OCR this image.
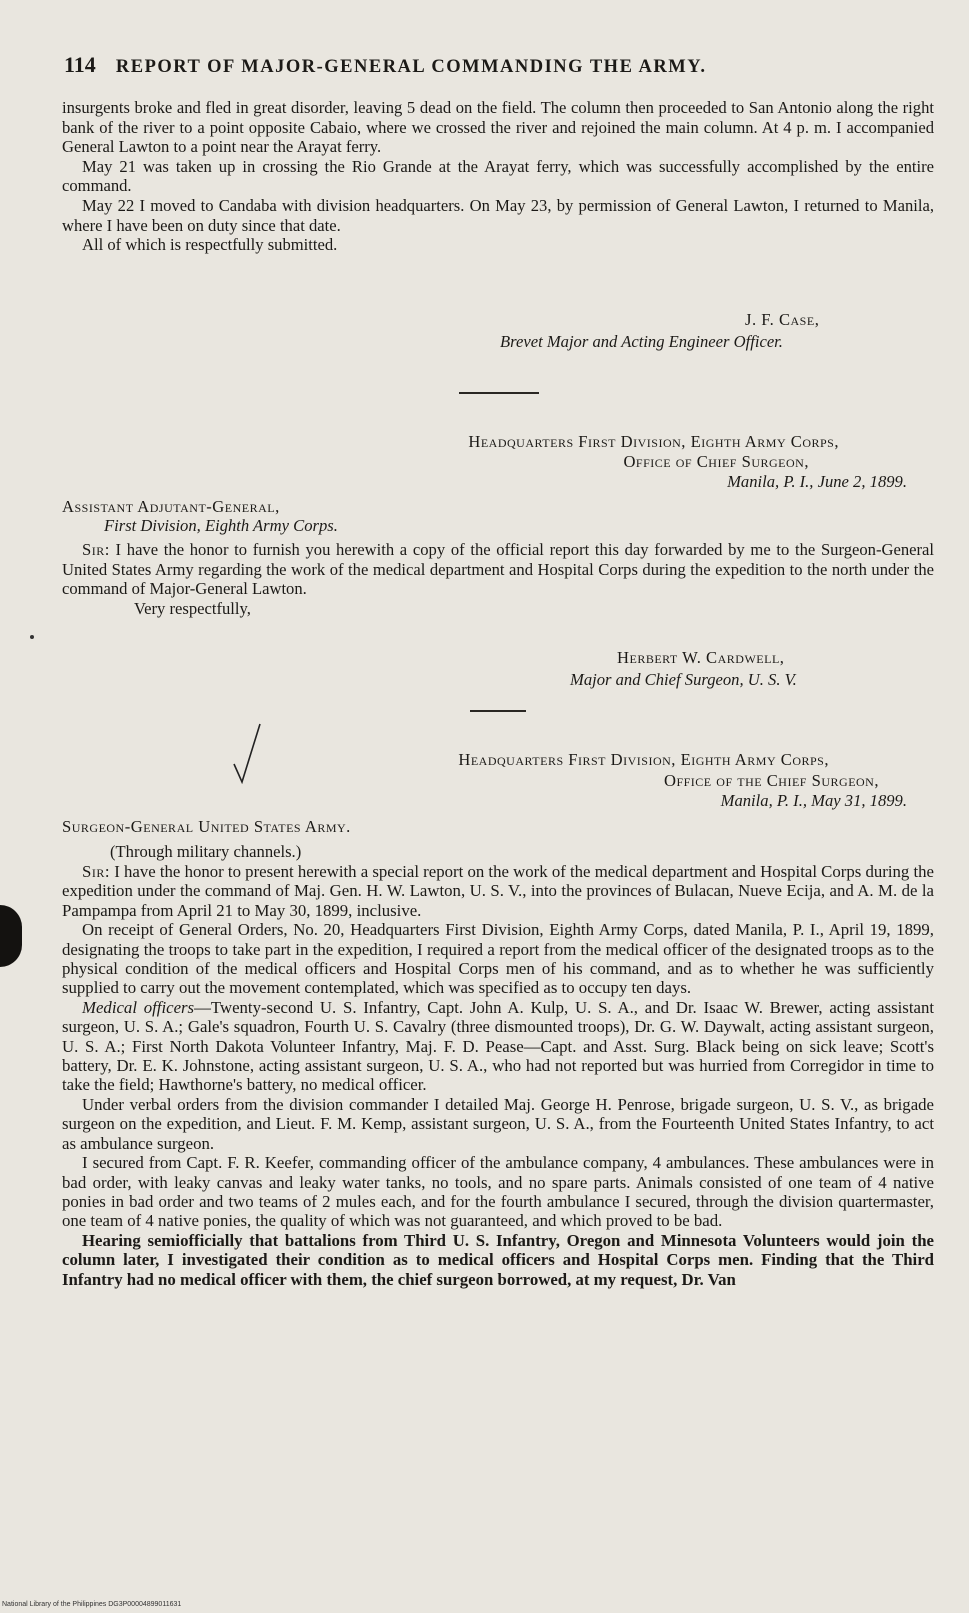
114 REPORT OF MAJOR-GENERAL COMMANDING THE ARMY.

insurgents broke and fled in great disorder, leaving 5 dead on the field. The column then proceeded to San Antonio along the right bank of the river to a point opposite Cabaio, where we crossed the river and rejoined the main column. At 4 p. m. I accompanied General Lawton to a point near the Arayat ferry.

May 21 was taken up in crossing the Rio Grande at the Arayat ferry, which was successfully accomplished by the entire command.

May 22 I moved to Candaba with division headquarters. On May 23, by permission of General Lawton, I returned to Manila, where I have been on duty since that date.

All of which is respectfully submitted.

J. F. Case,
Brevet Major and Acting Engineer Officer.
Headquarters First Division, Eighth Army Corps,
Office of Chief Surgeon,
Manila, P. I., June 2, 1899.
Assistant Adjutant-General,
First Division, Eighth Army Corps.

Sir: I have the honor to furnish you herewith a copy of the official report this day forwarded by me to the Surgeon-General United States Army regarding the work of the medical department and Hospital Corps during the expedition to the north under the command of Major-General Lawton.

Very respectfully,

Herbert W. Cardwell,
Major and Chief Surgeon, U. S. V.
Headquarters First Division, Eighth Army Corps,
Office of the Chief Surgeon,
Manila, P. I., May 31, 1899.
Surgeon-General United States Army.
(Through military channels.)

Sir: I have the honor to present herewith a special report on the work of the medical department and Hospital Corps during the expedition under the command of Maj. Gen. H. W. Lawton, U. S. V., into the provinces of Bulacan, Nueve Ecija, and A. M. de la Pampampa from April 21 to May 30, 1899, inclusive.

On receipt of General Orders, No. 20, Headquarters First Division, Eighth Army Corps, dated Manila, P. I., April 19, 1899, designating the troops to take part in the expedition, I required a report from the medical officer of the designated troops as to the physical condition of the medical officers and Hospital Corps men of his command, and as to whether he was sufficiently supplied to carry out the movement contemplated, which was specified as to occupy ten days.

Medical officers—Twenty-second U. S. Infantry, Capt. John A. Kulp, U. S. A., and Dr. Isaac W. Brewer, acting assistant surgeon, U. S. A.; Gale's squadron, Fourth U. S. Cavalry (three dismounted troops), Dr. G. W. Daywalt, acting assistant surgeon, U. S. A.; First North Dakota Volunteer Infantry, Maj. F. D. Pease—Capt. and Asst. Surg. Black being on sick leave; Scott's battery, Dr. E. K. Johnstone, acting assistant surgeon, U. S. A., who had not reported but was hurried from Corregidor in time to take the field; Hawthorne's battery, no medical officer.

Under verbal orders from the division commander I detailed Maj. George H. Penrose, brigade surgeon, U. S. V., as brigade surgeon on the expedition, and Lieut. F. M. Kemp, assistant surgeon, U. S. A., from the Fourteenth United States Infantry, to act as ambulance surgeon.

I secured from Capt. F. R. Keefer, commanding officer of the ambulance company, 4 ambulances. These ambulances were in bad order, with leaky canvas and leaky water tanks, no tools, and no spare parts. Animals consisted of one team of 4 native ponies in bad order and two teams of 2 mules each, and for the fourth ambulance I secured, through the division quartermaster, one team of 4 native ponies, the quality of which was not guaranteed, and which proved to be bad.

Hearing semiofficially that battalions from Third U. S. Infantry, Oregon and Minnesota Volunteers would join the column later, I investigated their condition as to medical officers and Hospital Corps men. Finding that the Third Infantry had no medical officer with them, the chief surgeon borrowed, at my request, Dr. Van

National Library of the Philippines DG3P00004899011631
